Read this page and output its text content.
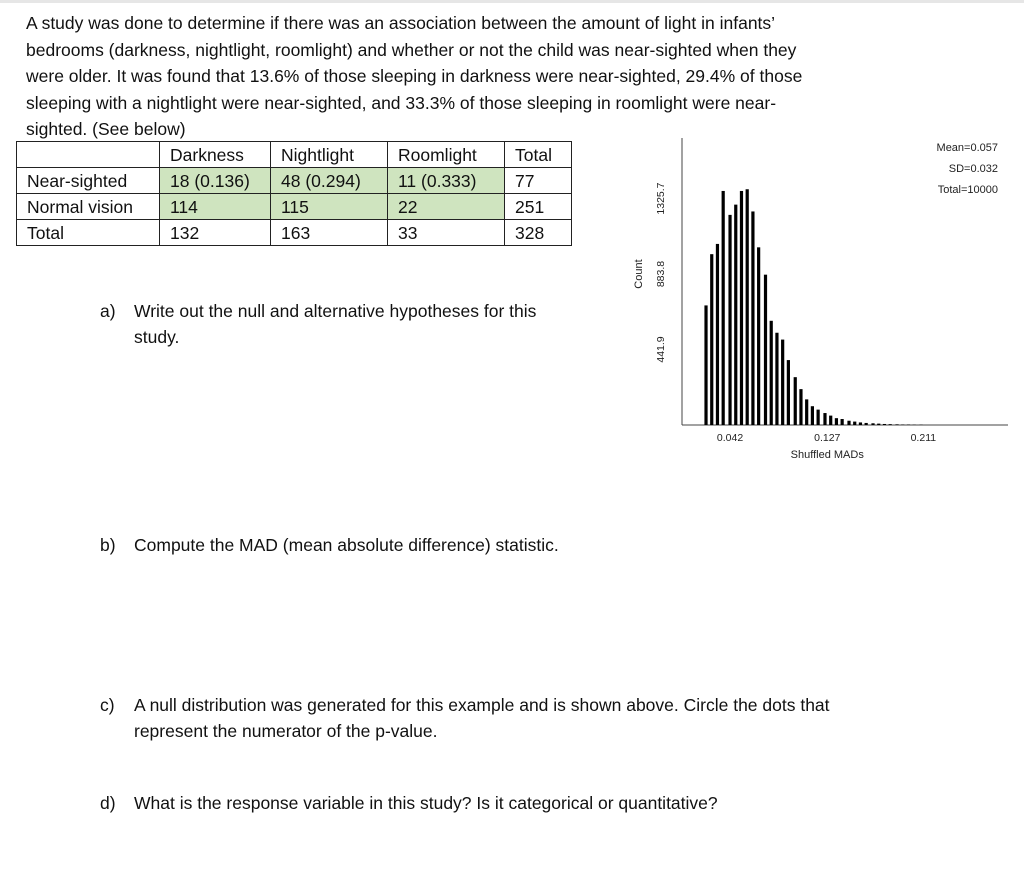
A study was done to determine if there was an association between the amount of light in infants’
bedrooms (darkness, nightlight, roomlight) and whether or not the child was near-sighted when they
were older. It was found that 13.6% of those sleeping in darkness were near-sighted, 29.4% of those
sleeping with a nightlight were near-sighted, and 33.3% of those sleeping in roomlight were near-
sighted. (See below)
	Darkness	Nightlight	Roomlight	Total
Near-sighted	18 (0.136)	48 (0.294)	11 (0.333)	77
Normal vision	114	115	22	251
Total	132	163	33	328
a) Write out the null and alternative hypotheses for this
study.
b) Compute the MAD (mean absolute difference) statistic.
c) A null distribution was generated for this example and is shown above. Circle the dots that
represent the numerator of the p-value.
d) What is the response variable in this study? Is it categorical or quantitative?
0.042	0.127	0.211
Shuffled MADs
441.9
883.8
1325.7
Count
Mean=0.057
SD=0.032
Total=10000
